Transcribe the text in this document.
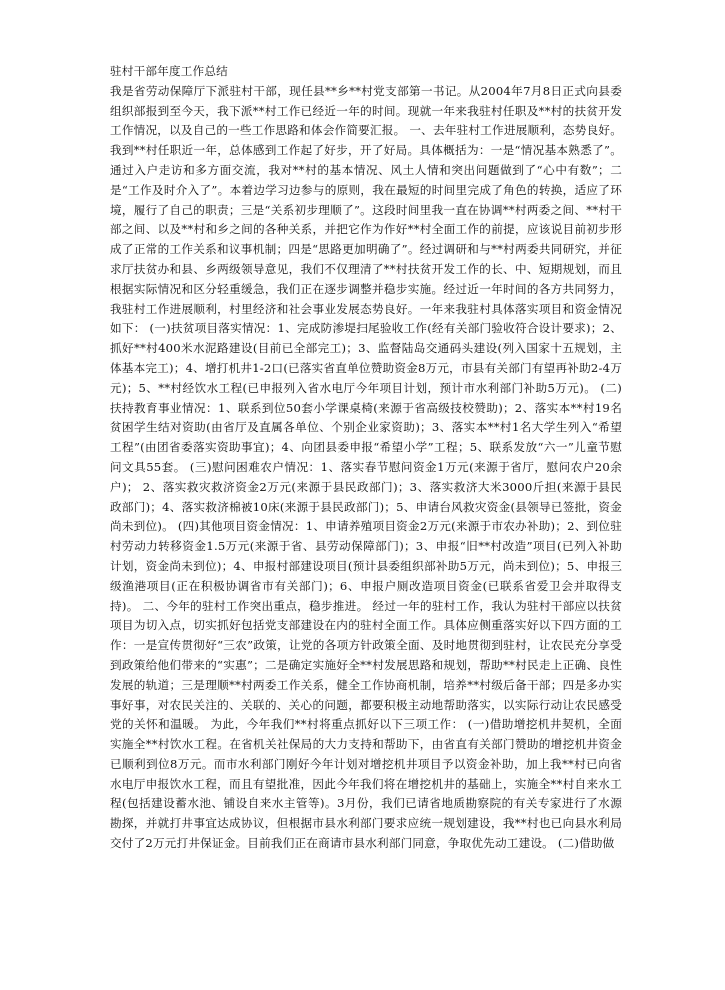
驻村干部年度工作总结

我是省劳动保障厅下派驻村干部，现任县**乡**村党支部第一书记。从2004年7月8日正式向县委组织部报到至今天，我下派**村工作已经近一年的时间。现就一年来我驻村任职及**村的扶贫开发工作情况，以及自己的一些工作思路和体会作简要汇报。 一、去年驻村工作进展顺利，态势良好。 我到**村任职近一年，总体感到工作起了好步，开了好局。具体概括为：一是“情况基本熟悉了”。通过入户走访和多方面交流，我对**村的基本情况、风土人情和突出问题做到了“心中有数”；二是“工作及时介入了”。本着边学习边参与的原则，我在最短的时间里完成了角色的转换，适应了环境，履行了自己的职责；三是“关系初步理顺了”。这段时间里我一直在协调**村两委之间、**村干部之间、以及**村和乡之间的各种关系，并把它作为作好**村全面工作的前提，应该说目前初步形成了正常的工作关系和议事机制；四是“思路更加明确了”。经过调研和与**村两委共同研究，并征求厅扶贫办和县、乡两级领导意见，我们不仅理清了**村扶贫开发工作的长、中、短期规划，而且根据实际情况和区分轻重缓急，我们正在逐步调整并稳步实施。经过近一年时间的各方共同努力，我驻村工作进展顺利，村里经济和社会事业发展态势良好。一年来我驻村具体落实项目和资金情况如下： (一)扶贫项目落实情况：1、完成防渗堤扫尾验收工作(经有关部门验收符合设计要求)；2、抓好**村400米水泥路建设(目前已全部完工)；3、监督陆岛交通码头建设(列入国家十五规划，主体基本完工)；4、增打机井1-2口(已落实省直单位赞助资金8万元，市县有关部门有望再补助2-4万元)；5、**村经饮水工程(已申报列入省水电厅今年项目计划，预计市水利部门补助5万元)。 (二)扶持教育事业情况：1、联系到位50套小学课桌椅(来源于省高级技校赞助)；2、落实本**村19名贫困学生结对资助(由省厅及直属各单位、个别企业家资助)；3、落实本**村1名大学生列入“希望工程”(由团省委落实资助事宜)；4、向团县委申报“希望小学”工程；5、联系发放“六一”儿童节慰问文具55套。 (三)慰问困难农户情况：1、落实春节慰问资金1万元(来源于省厅，慰问农户20余户)； 2、落实救灾救济资金2万元(来源于县民政部门)；3、落实救济大米3000斤担(来源于县民政部门)；4、落实救济棉被10床(来源于县民政部门)；5、申请台风救灾资金(县领导已签批，资金尚未到位)。 (四)其他项目资金情况：1、申请养殖项目资金2万元(来源于市农办补助)；2、到位驻村劳动力转移资金1.5万元(来源于省、县劳动保障部门)；3、申报“旧**村改造”项目(已列入补助计划，资金尚未到位)；4、申报村部建设项目(预计县委组织部补助5万元，尚未到位)；5、申报三级渔港项目(正在积极协调省市有关部门)；6、申报户厕改造项目资金(已联系省爱卫会并取得支持)。 二、今年的驻村工作突出重点，稳步推进。 经过一年的驻村工作，我认为驻村干部应以扶贫项目为切入点，切实抓好包括党支部建设在内的驻村全面工作。具体应侧重落实好以下四方面的工作：一是宣传贯彻好“三农”政策，让党的各项方针政策全面、及时地贯彻到驻村，让农民充分享受到政策给他们带来的“实惠”；二是确定实施好全**村发展思路和规划，帮助**村民走上正确、良性发展的轨道；三是理顺**村两委工作关系，健全工作协商机制，培养**村级后备干部；四是多办实事好事，对农民关注的、关联的、关心的问题，都要积极主动地帮助落实，以实际行动让农民感受党的关怀和温暖。 为此，今年我们**村将重点抓好以下三项工作： (一)借助增挖机井契机，全面实施全**村饮水工程。在省机关社保局的大力支持和帮助下，由省直有关部门赞助的增挖机井资金已顺利到位8万元。而市水利部门刚好今年计划对增挖机井项目予以资金补助，加上我**村已向省水电厅申报饮水工程，而且有望批准，因此今年我们将在增挖机井的基础上，实施全**村自来水工程(包括建设蓄水池、铺设自来水主管等)。3月份，我们已请省地质勘察院的有关专家进行了水源勘探，并就打井事宜达成协议，但根据市县水利部门要求应统一规划建设，我**村也已向县水利局交付了2万元打井保证金。目前我们正在商请市县水利部门同意，争取优先动工建设。 (二)借助做
